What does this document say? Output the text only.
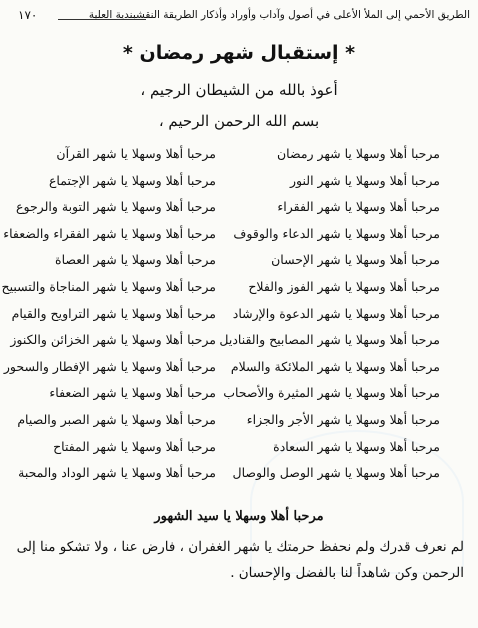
الطريق الأحمي إلى الملأ الأعلى في أصول وآداب وأوراد وأذكار الطريقة النقشبندية العلية
١٧٠
* إستقبال شهر رمضان *
أعوذ بالله من الشيطان الرجيم ،
بسم الله الرحمن الرحيم ،
مرحبا أهلا وسهلا يا شهر رمضان
مرحبا أهلا وسهلا يا شهر القرآن
مرحبا أهلا وسهلا يا شهر النور
مرحبا أهلا وسهلا يا شهر الإجتماع
مرحبا أهلا وسهلا يا شهر الفقراء
مرحبا أهلا وسهلا يا شهر التوبة والرجوع
مرحبا أهلا وسهلا يا شهر الدعاء والوقوف
مرحبا أهلا وسهلا يا شهر الفقراء والضعفاء
مرحبا أهلا وسهلا يا شهر الإحسان
مرحبا أهلا وسهلا يا شهر العصاة
مرحبا أهلا وسهلا يا شهر الفوز والفلاح
مرحبا أهلا وسهلا يا شهر المناجاة والتسبيح
مرحبا أهلا وسهلا يا شهر الدعوة والإرشاد
مرحبا أهلا وسهلا يا شهر التراويح والقيام
مرحبا أهلا وسهلا يا شهر المصابيح والقناديل
مرحبا أهلا وسهلا يا شهر الخزائن والكنوز
مرحبا أهلا وسهلا يا شهر الملائكة والسلام
مرحبا أهلا وسهلا يا شهر الإفطار والسحور
مرحبا أهلا وسهلا يا شهر المثيرة والأصحاب
مرحبا أهلا وسهلا يا شهر الضعفاء
مرحبا أهلا وسهلا يا شهر الأجر والجزاء
مرحبا أهلا وسهلا يا شهر الصبر والصيام
مرحبا أهلا وسهلا يا شهر السعادة
مرحبا أهلا وسهلا يا شهر المفتاح
مرحبا أهلا وسهلا يا شهر الوصل والوصال
مرحبا أهلا وسهلا يا شهر الوداد والمحبة
مرحبا أهلا وسهلا يا سيد الشهور
لم نعرف قدرك ولم نحفظ حرمتك يا شهر الغفران ، فارض عنا ، ولا تشكو منا إلى الرحمن وكن شاهداً لنا بالفضل والإحسان .
